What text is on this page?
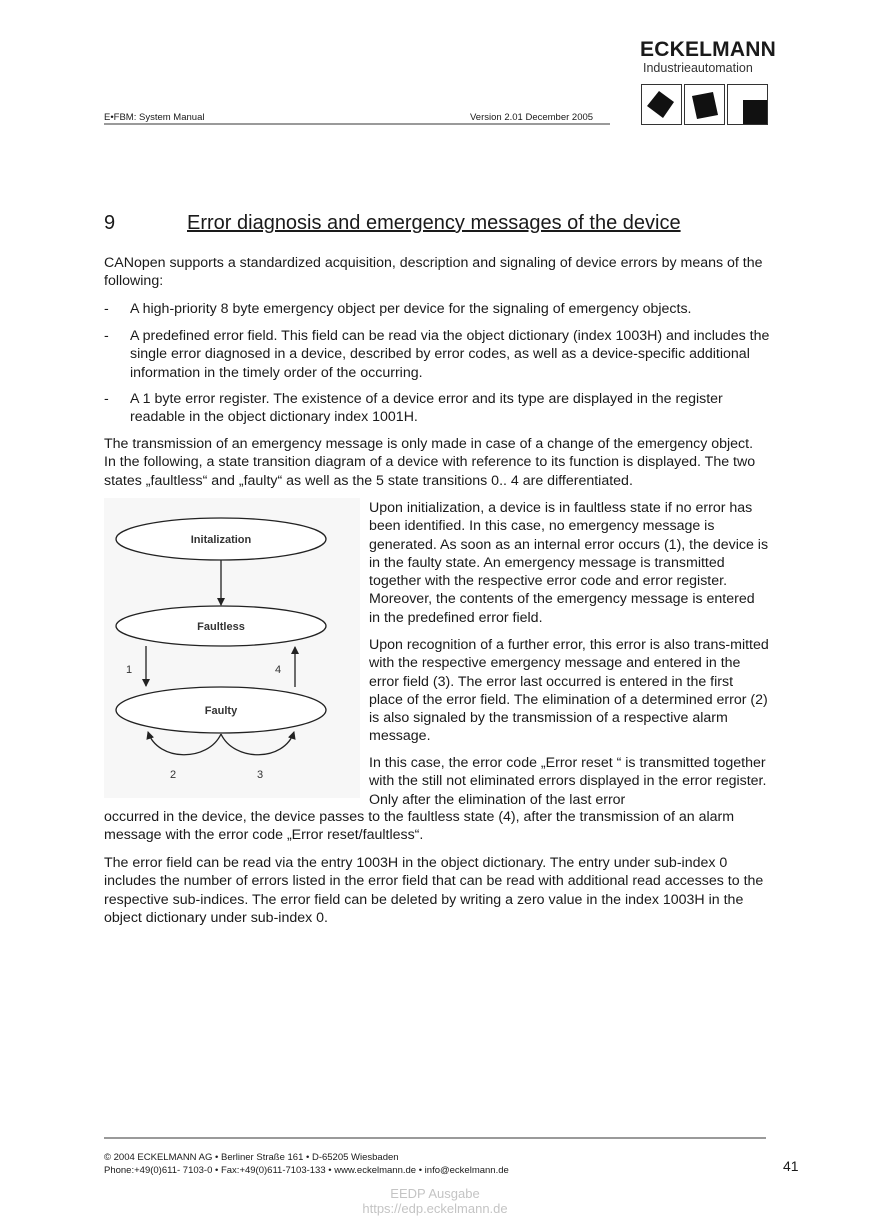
ECKELMANN
Industrieautomation
E•FBM: System Manual	Version 2.01 December 2005
9	Error diagnosis and emergency messages of the device
CANopen supports a standardized acquisition, description and signaling of device errors by means of the following:
- A high-priority 8 byte emergency object per device for the signaling of emergency objects.
- A predefined error field. This field can be read via the object dictionary (index 1003H) and includes the single error diagnosed in a device, described by error codes, as well as a device-specific additional information in the timely order of the occurring.
- A 1 byte error register. The existence of a device error and its type are displayed in the register readable in the object dictionary index 1001H.
The transmission of an emergency message is only made in case of a change of the emergency object. In the following, a state transition diagram of a device with reference to its function is displayed. The two states „faultless“ and „faulty“ as well as the 5 state transitions 0.. 4 are differentiated.
Initalization
Faultless
Faulty
1	4
2	3
Upon initialization, a device is in faultless state if no error has been identified. In this case, no emergency message is generated. As soon as an internal error occurs (1), the device is in the faulty state. An emergency message is transmitted together with the respective error code and error register. Moreover, the contents of the emergency message is entered in the predefined error field.
Upon recognition of a further error, this error is also trans-mitted with the respective emergency message and entered in the error field (3). The error last occurred is entered in the first place of the error field. The elimination of a determined error (2) is also signaled by the transmission of a respective alarm message.
In this case, the error code „Error reset “ is transmitted together with the still not eliminated errors displayed in the error register. Only after the elimination of the last error
occurred in the device, the device passes to the faultless state (4), after the transmission of an alarm message with the error code „Error reset/faultless“.
The error field can be read via the entry 1003H in the object dictionary. The entry under sub-index 0 includes the number of errors listed in the error field that can be read with additional read accesses to the respective sub-indices. The error field can be deleted by writing a zero value in the index 1003H in the object dictionary under sub-index 0.
© 2004 ECKELMANN AG • Berliner Straße 161 • D-65205 Wiesbaden
Phone:+49(0)611- 7103-0 • Fax:+49(0)611-7103-133 • www.eckelmann.de • info@eckelmann.de	41
EEDP Ausgabe
https://edp.eckelmann.de
